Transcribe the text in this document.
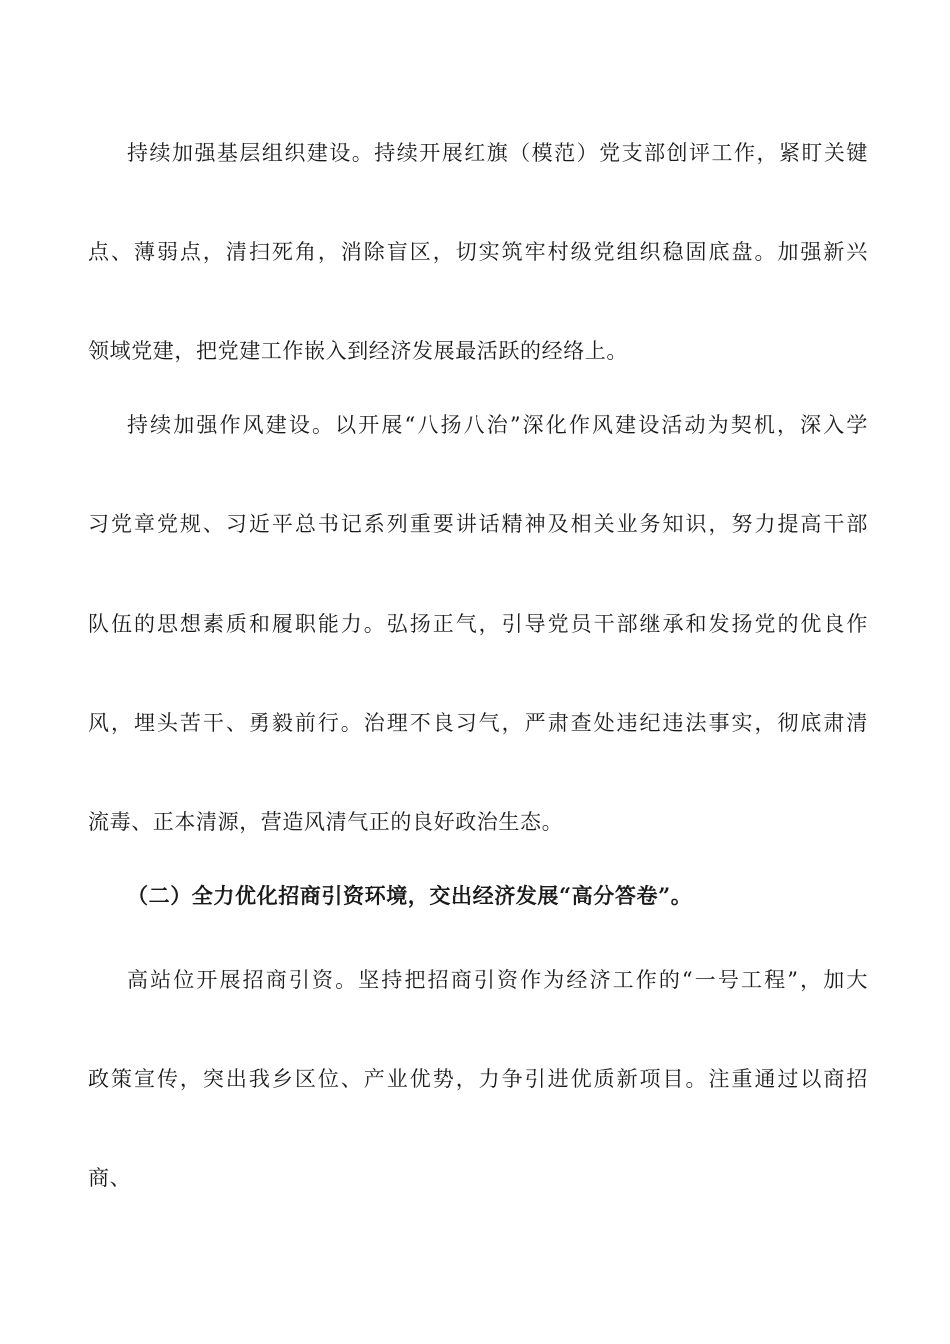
持续加强基层组织建设。持续开展红旗（模范）党支部创评工作，紧盯关键
点、薄弱点，清扫死角，消除盲区，切实筑牢村级党组织稳固底盘。加强新兴
领域党建，把党建工作嵌入到经济发展最活跃的经络上。
持续加强作风建设。以开展“八扬八治”深化作风建设活动为契机，深入学
习党章党规、习近平总书记系列重要讲话精神及相关业务知识，努力提高干部
队伍的思想素质和履职能力。弘扬正气，引导党员干部继承和发扬党的优良作
风，埋头苦干、勇毅前行。治理不良习气，严肃查处违纪违法事实，彻底肃清
流毒、正本清源，营造风清气正的良好政治生态。
（二）全力优化招商引资环境，交出经济发展“高分答卷”。
高站位开展招商引资。坚持把招商引资作为经济工作的“一号工程”，加大
政策宣传，突出我乡区位、产业优势，力争引进优质新项目。注重通过以商招
商、
